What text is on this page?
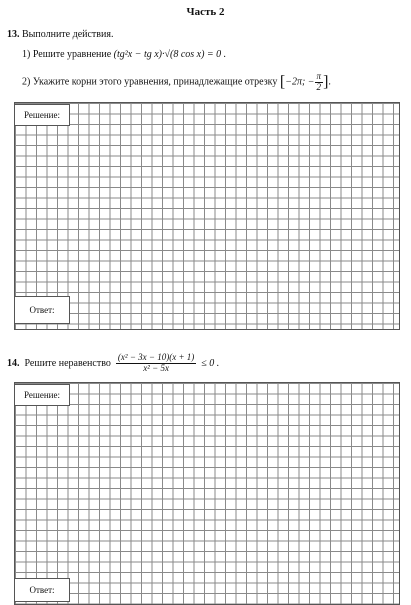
Часть 2
13. Выполните действия.
1) Решите уравнение (tg²x − tg x)·√(8 cos x) = 0 .
2) Укажите корни этого уравнения, принадлежащие отрезку [−2π; − $\frac{\pi}{2}$ ].
Решение:
Ответ:
14. Решите неравенство $\frac{\text{(x² − 3x − 10)(x + 1)}}{\text{x² − 5x}} \le 0$ .
Решение:
Ответ:
